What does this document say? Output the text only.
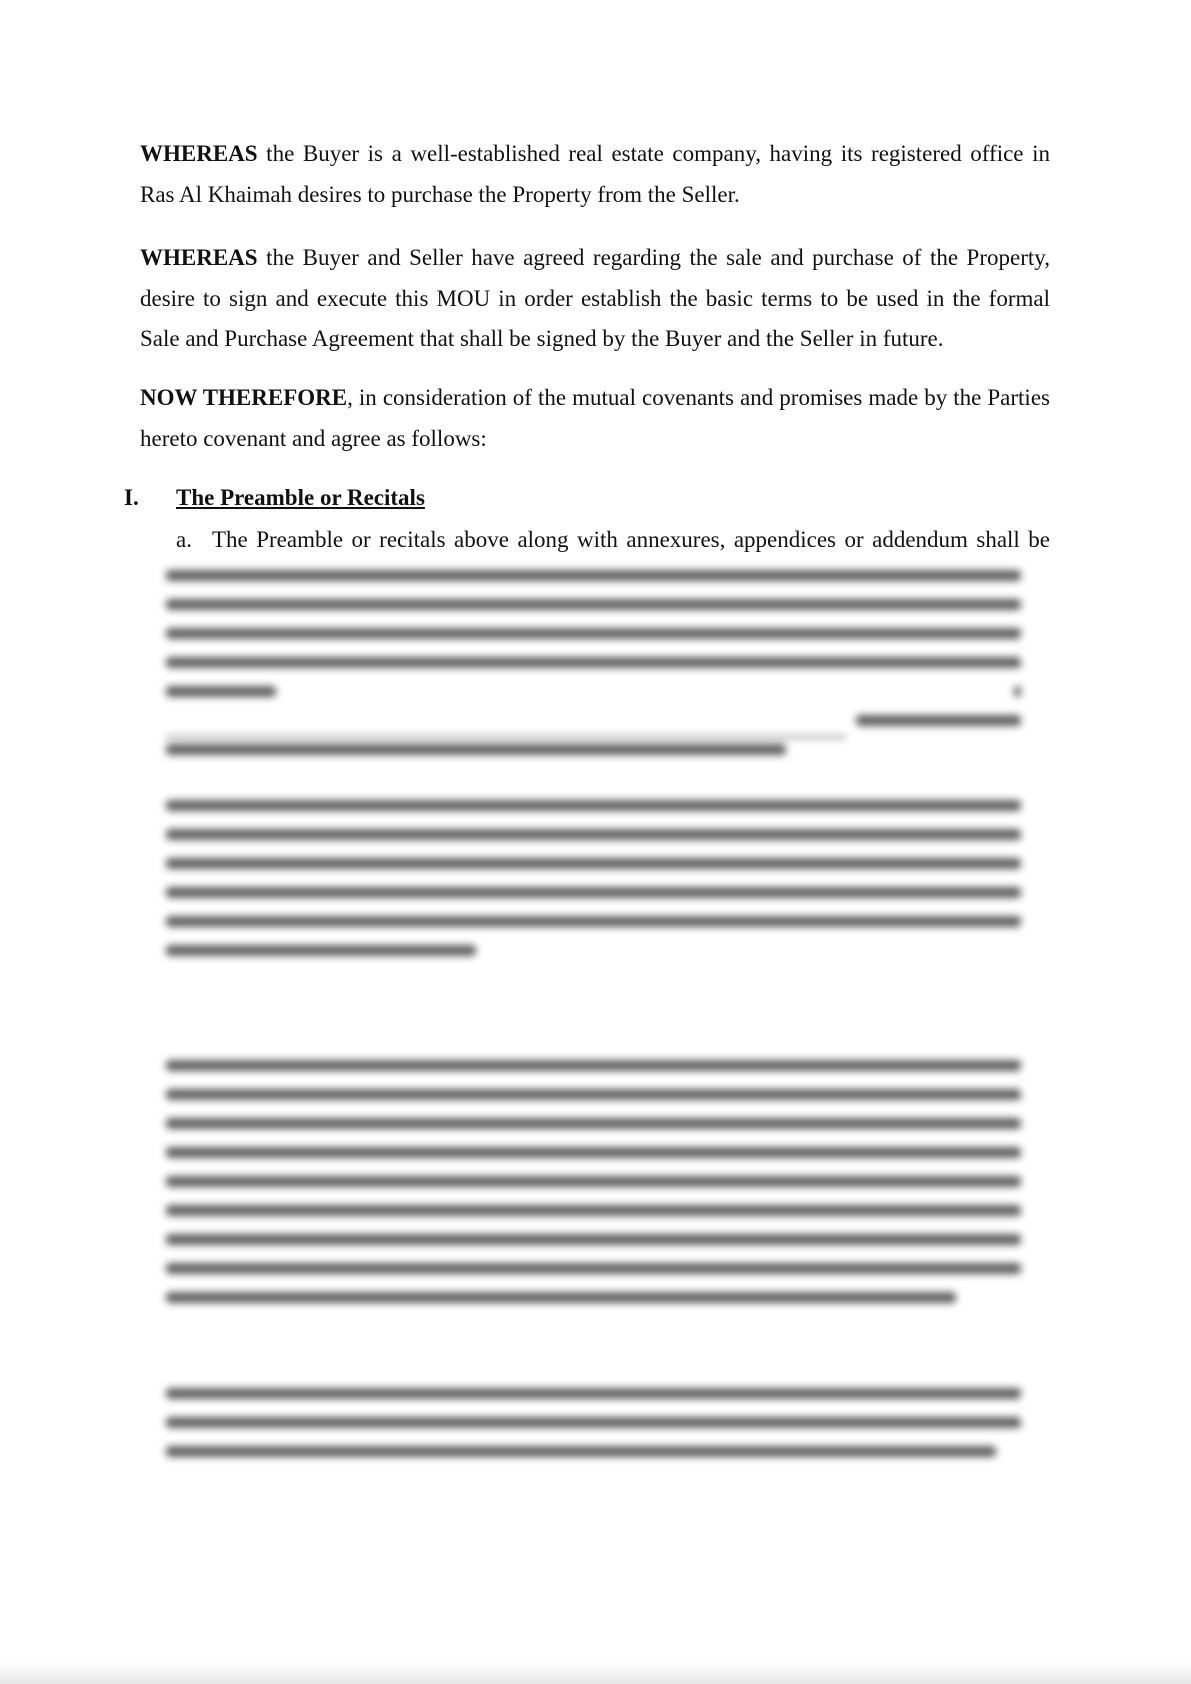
WHEREAS the Buyer is a well-established real estate company, having its registered office in Ras Al Khaimah desires to purchase the Property from the Seller.

WHEREAS the Buyer and Seller have agreed regarding the sale and purchase of the Property, desire to sign and execute this MOU in order establish the basic terms to be used in the formal Sale and Purchase Agreement that shall be signed by the Buyer and the Seller in future.

NOW THEREFORE, in consideration of the mutual covenants and promises made by the Parties hereto covenant and agree as follows:

I. The Preamble or Recitals

a. The Preamble or recitals above along with annexures, appendices or addendum shall be
